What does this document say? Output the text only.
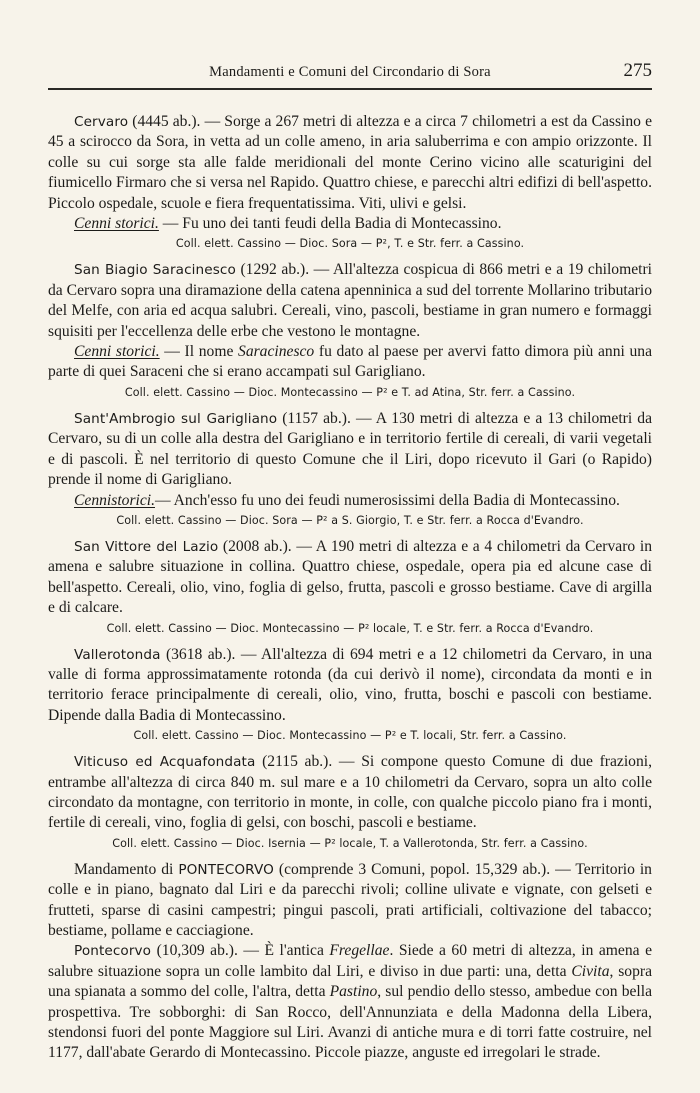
Mandamenti e Comuni del Circondario di Sora	275

Cervaro (4445 ab.). — Sorge a 267 metri di altezza e a circa 7 chilometri a est da Cassino e 45 a scirocco da Sora, in vetta ad un colle ameno, in aria saluberrima e con ampio orizzonte. Il colle su cui sorge sta alle falde meridionali del monte Cerino vicino alle scaturigini del fiumicello Firmaro che si versa nel Rapido. Quattro chiese, e parecchi altri edifizi di bell'aspetto. Piccolo ospedale, scuole e fiera frequentatissima. Viti, ulivi e gelsi.

Cenni storici. — Fu uno dei tanti feudi della Badia di Montecassino.

Coll. elett. Cassino — Dioc. Sora — P², T. e Str. ferr. a Cassino.

San Biagio Saracinesco (1292 ab.). — All'altezza cospicua di 866 metri e a 19 chilometri da Cervaro sopra una diramazione della catena apenninica a sud del torrente Mollarino tributario del Melfe, con aria ed acqua salubri. Cereali, vino, pascoli, bestiame in gran numero e formaggi squisiti per l'eccellenza delle erbe che vestono le montagne.

Cenni storici. — Il nome Saracinesco fu dato al paese per avervi fatto dimora più anni una parte di quei Saraceni che si erano accampati sul Garigliano.

Coll. elett. Cassino — Dioc. Montecassino — P² e T. ad Atina, Str. ferr. a Cassino.

Sant'Ambrogio sul Garigliano (1157 ab.). — A 130 metri di altezza e a 13 chilometri da Cervaro, su di un colle alla destra del Garigliano e in territorio fertile di cereali, di varii vegetali e di pascoli. È nel territorio di questo Comune che il Liri, dopo ricevuto il Gari (o Rapido) prende il nome di Garigliano.

Cennistorici.— Anch'esso fu uno dei feudi numerosissimi della Badia di Montecassino.

Coll. elett. Cassino — Dioc. Sora — P² a S. Giorgio, T. e Str. ferr. a Rocca d'Evandro.

San Vittore del Lazio (2008 ab.). — A 190 metri di altezza e a 4 chilometri da Cervaro in amena e salubre situazione in collina. Quattro chiese, ospedale, opera pia ed alcune case di bell'aspetto. Cereali, olio, vino, foglia di gelso, frutta, pascoli e grosso bestiame. Cave di argilla e di calcare.

Coll. elett. Cassino — Dioc. Montecassino — P² locale, T. e Str. ferr. a Rocca d'Evandro.

Vallerotonda (3618 ab.). — All'altezza di 694 metri e a 12 chilometri da Cervaro, in una valle di forma approssimatamente rotonda (da cui derivò il nome), circondata da monti e in territorio ferace principalmente di cereali, olio, vino, frutta, boschi e pascoli con bestiame. Dipende dalla Badia di Montecassino.

Coll. elett. Cassino — Dioc. Montecassino — P² e T. locali, Str. ferr. a Cassino.

Viticuso ed Acquafondata (2115 ab.). — Si compone questo Comune di due frazioni, entrambe all'altezza di circa 840 m. sul mare e a 10 chilometri da Cervaro, sopra un alto colle circondato da montagne, con territorio in monte, in colle, con qualche piccolo piano fra i monti, fertile di cereali, vino, foglia di gelsi, con boschi, pascoli e bestiame.

Coll. elett. Cassino — Dioc. Isernia — P² locale, T. a Vallerotonda, Str. ferr. a Cassino.

Mandamento di PONTECORVO (comprende 3 Comuni, popol. 15,329 ab.). — Territorio in colle e in piano, bagnato dal Liri e da parecchi rivoli; colline ulivate e vignate, con gelseti e frutteti, sparse di casini campestri; pingui pascoli, prati artificiali, coltivazione del tabacco; bestiame, pollame e cacciagione.

Pontecorvo (10,309 ab.). — È l'antica Fregellae. Siede a 60 metri di altezza, in amena e salubre situazione sopra un colle lambito dal Liri, e diviso in due parti: una, detta Civita, sopra una spianata a sommo del colle, l'altra, detta Pastino, sul pendio dello stesso, ambedue con bella prospettiva. Tre sobborghi: di San Rocco, dell'Annunziata e della Madonna della Libera, stendonsi fuori del ponte Maggiore sul Liri. Avanzi di antiche mura e di torri fatte costruire, nel 1177, dall'abate Gerardo di Montecassino. Piccole piazze, anguste ed irregolari le strade.
